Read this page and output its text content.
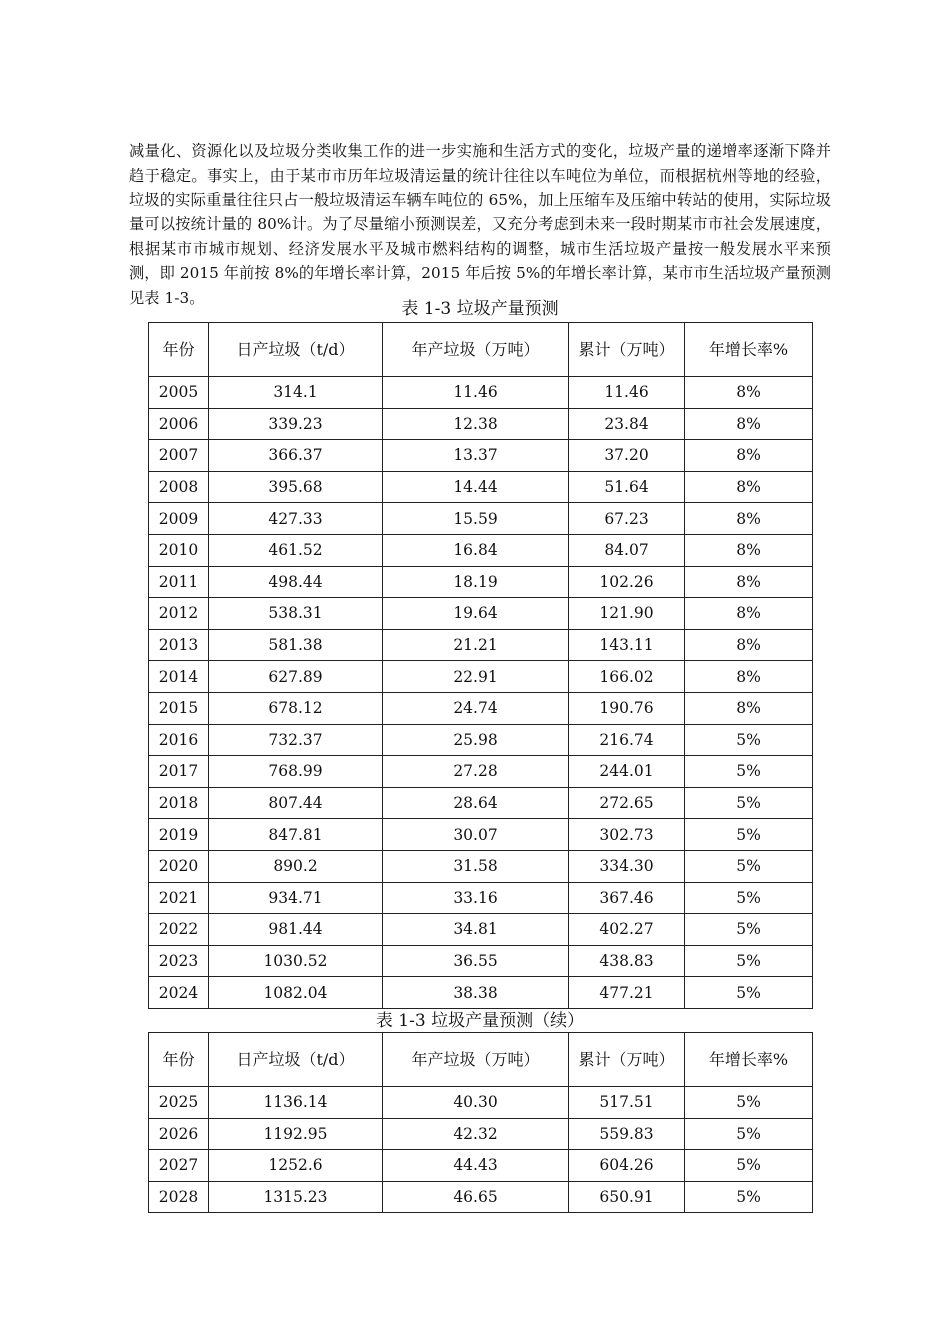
减量化、资源化以及垃圾分类收集工作的进一步实施和生活方式的变化，垃圾产量的递增率逐渐下降并趋于稳定。事实上，由于某市市历年垃圾清运量的统计往往以车吨位为单位，而根据杭州等地的经验，垃圾的实际重量往往只占一般垃圾清运车辆车吨位的 65%，加上压缩车及压缩中转站的使用，实际垃圾量可以按统计量的 80%计。为了尽量缩小预测误差，又充分考虑到未来一段时期某市市社会发展速度，根据某市市城市规划、经济发展水平及城市燃料结构的调整，城市生活垃圾产量按一般发展水平来预测，即 2015 年前按 8%的年增长率计算，2015 年后按 5%的年增长率计算，某市市生活垃圾产量预测见表 1-3。

表 1-3 垃圾产量预测
年份	日产垃圾（t/d）	年产垃圾（万吨）	累计（万吨）	年增长率%
2005	314.1	11.46	11.46	8%
2006	339.23	12.38	23.84	8%
2007	366.37	13.37	37.20	8%
2008	395.68	14.44	51.64	8%
2009	427.33	15.59	67.23	8%
2010	461.52	16.84	84.07	8%
2011	498.44	18.19	102.26	8%
2012	538.31	19.64	121.90	8%
2013	581.38	21.21	143.11	8%
2014	627.89	22.91	166.02	8%
2015	678.12	24.74	190.76	8%
2016	732.37	25.98	216.74	5%
2017	768.99	27.28	244.01	5%
2018	807.44	28.64	272.65	5%
2019	847.81	30.07	302.73	5%
2020	890.2	31.58	334.30	5%
2021	934.71	33.16	367.46	5%
2022	981.44	34.81	402.27	5%
2023	1030.52	36.55	438.83	5%
2024	1082.04	38.38	477.21	5%
表 1-3 垃圾产量预测（续）
年份	日产垃圾（t/d）	年产垃圾（万吨）	累计（万吨）	年增长率%
2025	1136.14	40.30	517.51	5%
2026	1192.95	42.32	559.83	5%
2027	1252.6	44.43	604.26	5%
2028	1315.23	46.65	650.91	5%
